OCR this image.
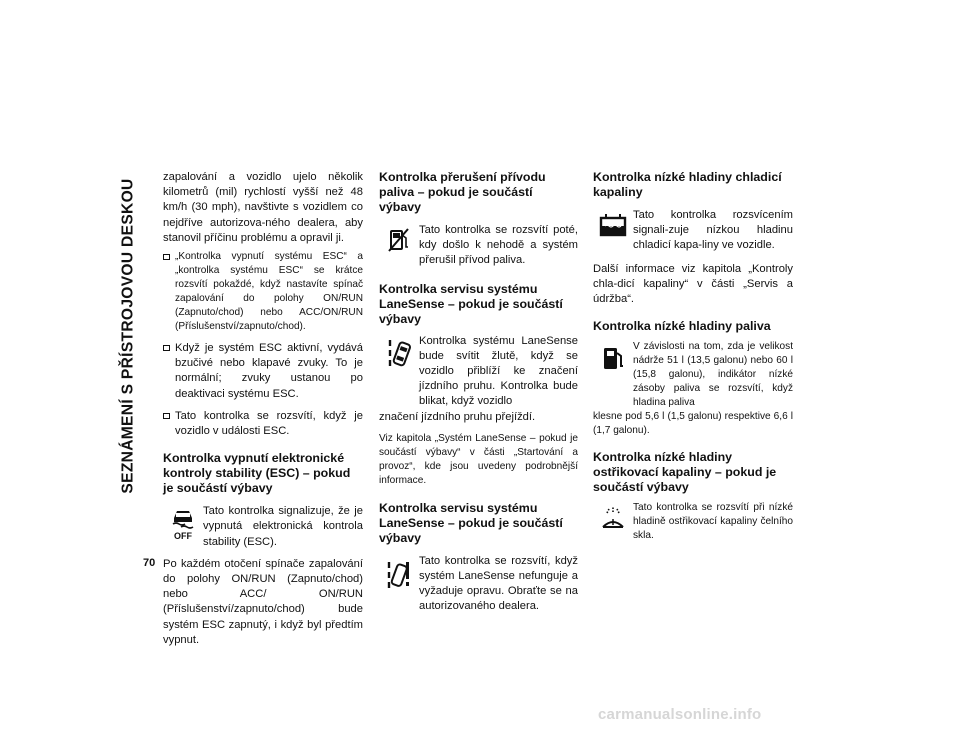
SEZNÁMENÍ S PŘÍSTROJOVOU DESKOU
70

zapalování a vozidlo ujelo několik kilometrů (mil) rychlostí vyšší než 48 km/h (30 mph), navštivte s vozidlem co nejdříve autorizova-ného dealera, aby stanovil příčinu problému a opravil ji.

„Kontrolka vypnutí systému ESC“ a „kontrolka systému ESC“ se krátce rozsvítí pokaždé, když nastavíte spínač zapalování do polohy ON/RUN (Zapnuto/chod) nebo ACC/ON/RUN (Příslušenství/zapnuto/chod).
Když je systém ESC aktivní, vydává bzučivé nebo klapavé zvuky. To je normální; zvuky ustanou po deaktivaci systému ESC.
Tato kontrolka se rozsvítí, když je vozidlo v události ESC.
Kontrolka vypnutí elektronické kontroly stability (ESC) – pokud je součástí výbavy
OFF
Tato kontrolka signalizuje, že je vypnutá elektronická kontrola stability (ESC).

Po každém otočení spínače zapalování do polohy ON/RUN (Zapnuto/chod) nebo ACC/ ON/RUN (Příslušenství/zapnuto/chod) bude systém ESC zapnutý, i když byl předtím vypnut.

Kontrolka přerušení přívodu paliva – pokud je součástí výbavy
Tato kontrolka se rozsvítí poté, kdy došlo k nehodě a systém přerušil přívod paliva.
Kontrolka servisu systému LaneSense – pokud je součástí výbavy
Kontrolka systému LaneSense bude svítit žlutě, když se vozidlo přiblíží ke značení jízdního pruhu. Kontrolka bude blikat, když vozidlo

značení jízdního pruhu přejíždí.

Viz kapitola „Systém LaneSense – pokud je součástí výbavy“ v části „Startování a provoz“, kde jsou uvedeny podrobnější informace.

Kontrolka servisu systému LaneSense – pokud je součástí výbavy
Tato kontrolka se rozsvítí, když systém LaneSense nefunguje a vyžaduje opravu. Obraťte se na autorizovaného dealera.
Kontrolka nízké hladiny chladicí kapaliny
Tato kontrolka rozsvícením signali-zuje nízkou hladinu chladicí kapa-liny ve vozidle.

Další informace viz kapitola „Kontroly chla-dicí kapaliny“ v části „Servis a údržba“.

Kontrolka nízké hladiny paliva
V závislosti na tom, zda je velikost nádrže 51 l (13,5 galonu) nebo 60 l (15,8 galonu), indikátor nízké zásoby paliva se rozsvítí, když hladina paliva

klesne pod 5,6 l (1,5 galonu) respektive 6,6 l (1,7 galonu).

Kontrolka nízké hladiny ostřikovací kapaliny – pokud je součástí výbavy
Tato kontrolka se rozsvítí při nízké hladině ostřikovací kapaliny čelního skla.
carmanualsonline.info
